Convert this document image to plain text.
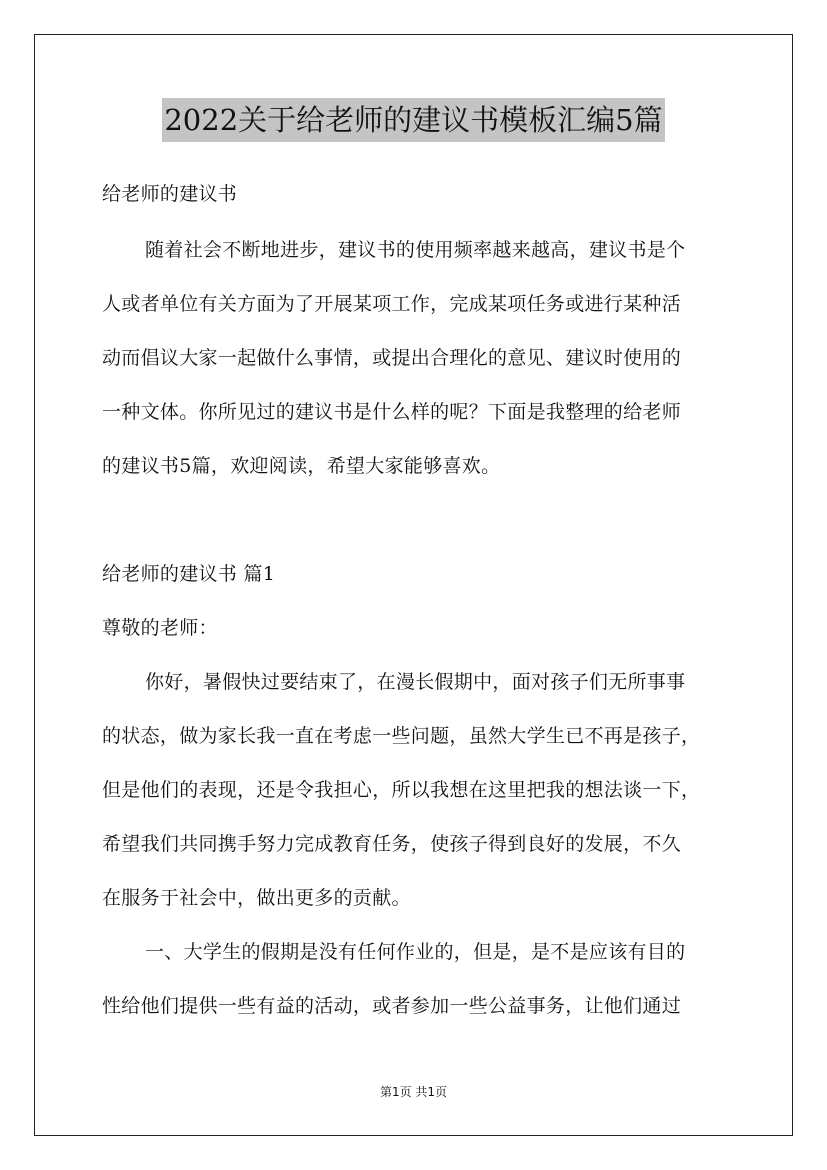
2022关于给老师的建议书模板汇编5篇
给老师的建议书
随着社会不断地进步，建议书的使用频率越来越高，建议书是个
人或者单位有关方面为了开展某项工作，完成某项任务或进行某种活
动而倡议大家一起做什么事情，或提出合理化的意见、建议时使用的
一种文体。你所见过的建议书是什么样的呢？下面是我整理的给老师
的建议书5篇，欢迎阅读，希望大家能够喜欢。
给老师的建议书 篇1
尊敬的老师：
你好，暑假快过要结束了，在漫长假期中，面对孩子们无所事事
的状态，做为家长我一直在考虑一些问题，虽然大学生已不再是孩子，
但是他们的表现，还是令我担心，所以我想在这里把我的想法谈一下，
希望我们共同携手努力完成教育任务，使孩子得到良好的发展，不久
在服务于社会中，做出更多的贡献。
一、大学生的假期是没有任何作业的，但是，是不是应该有目的
性给他们提供一些有益的活动，或者参加一些公益事务，让他们通过
第1页 共1页
